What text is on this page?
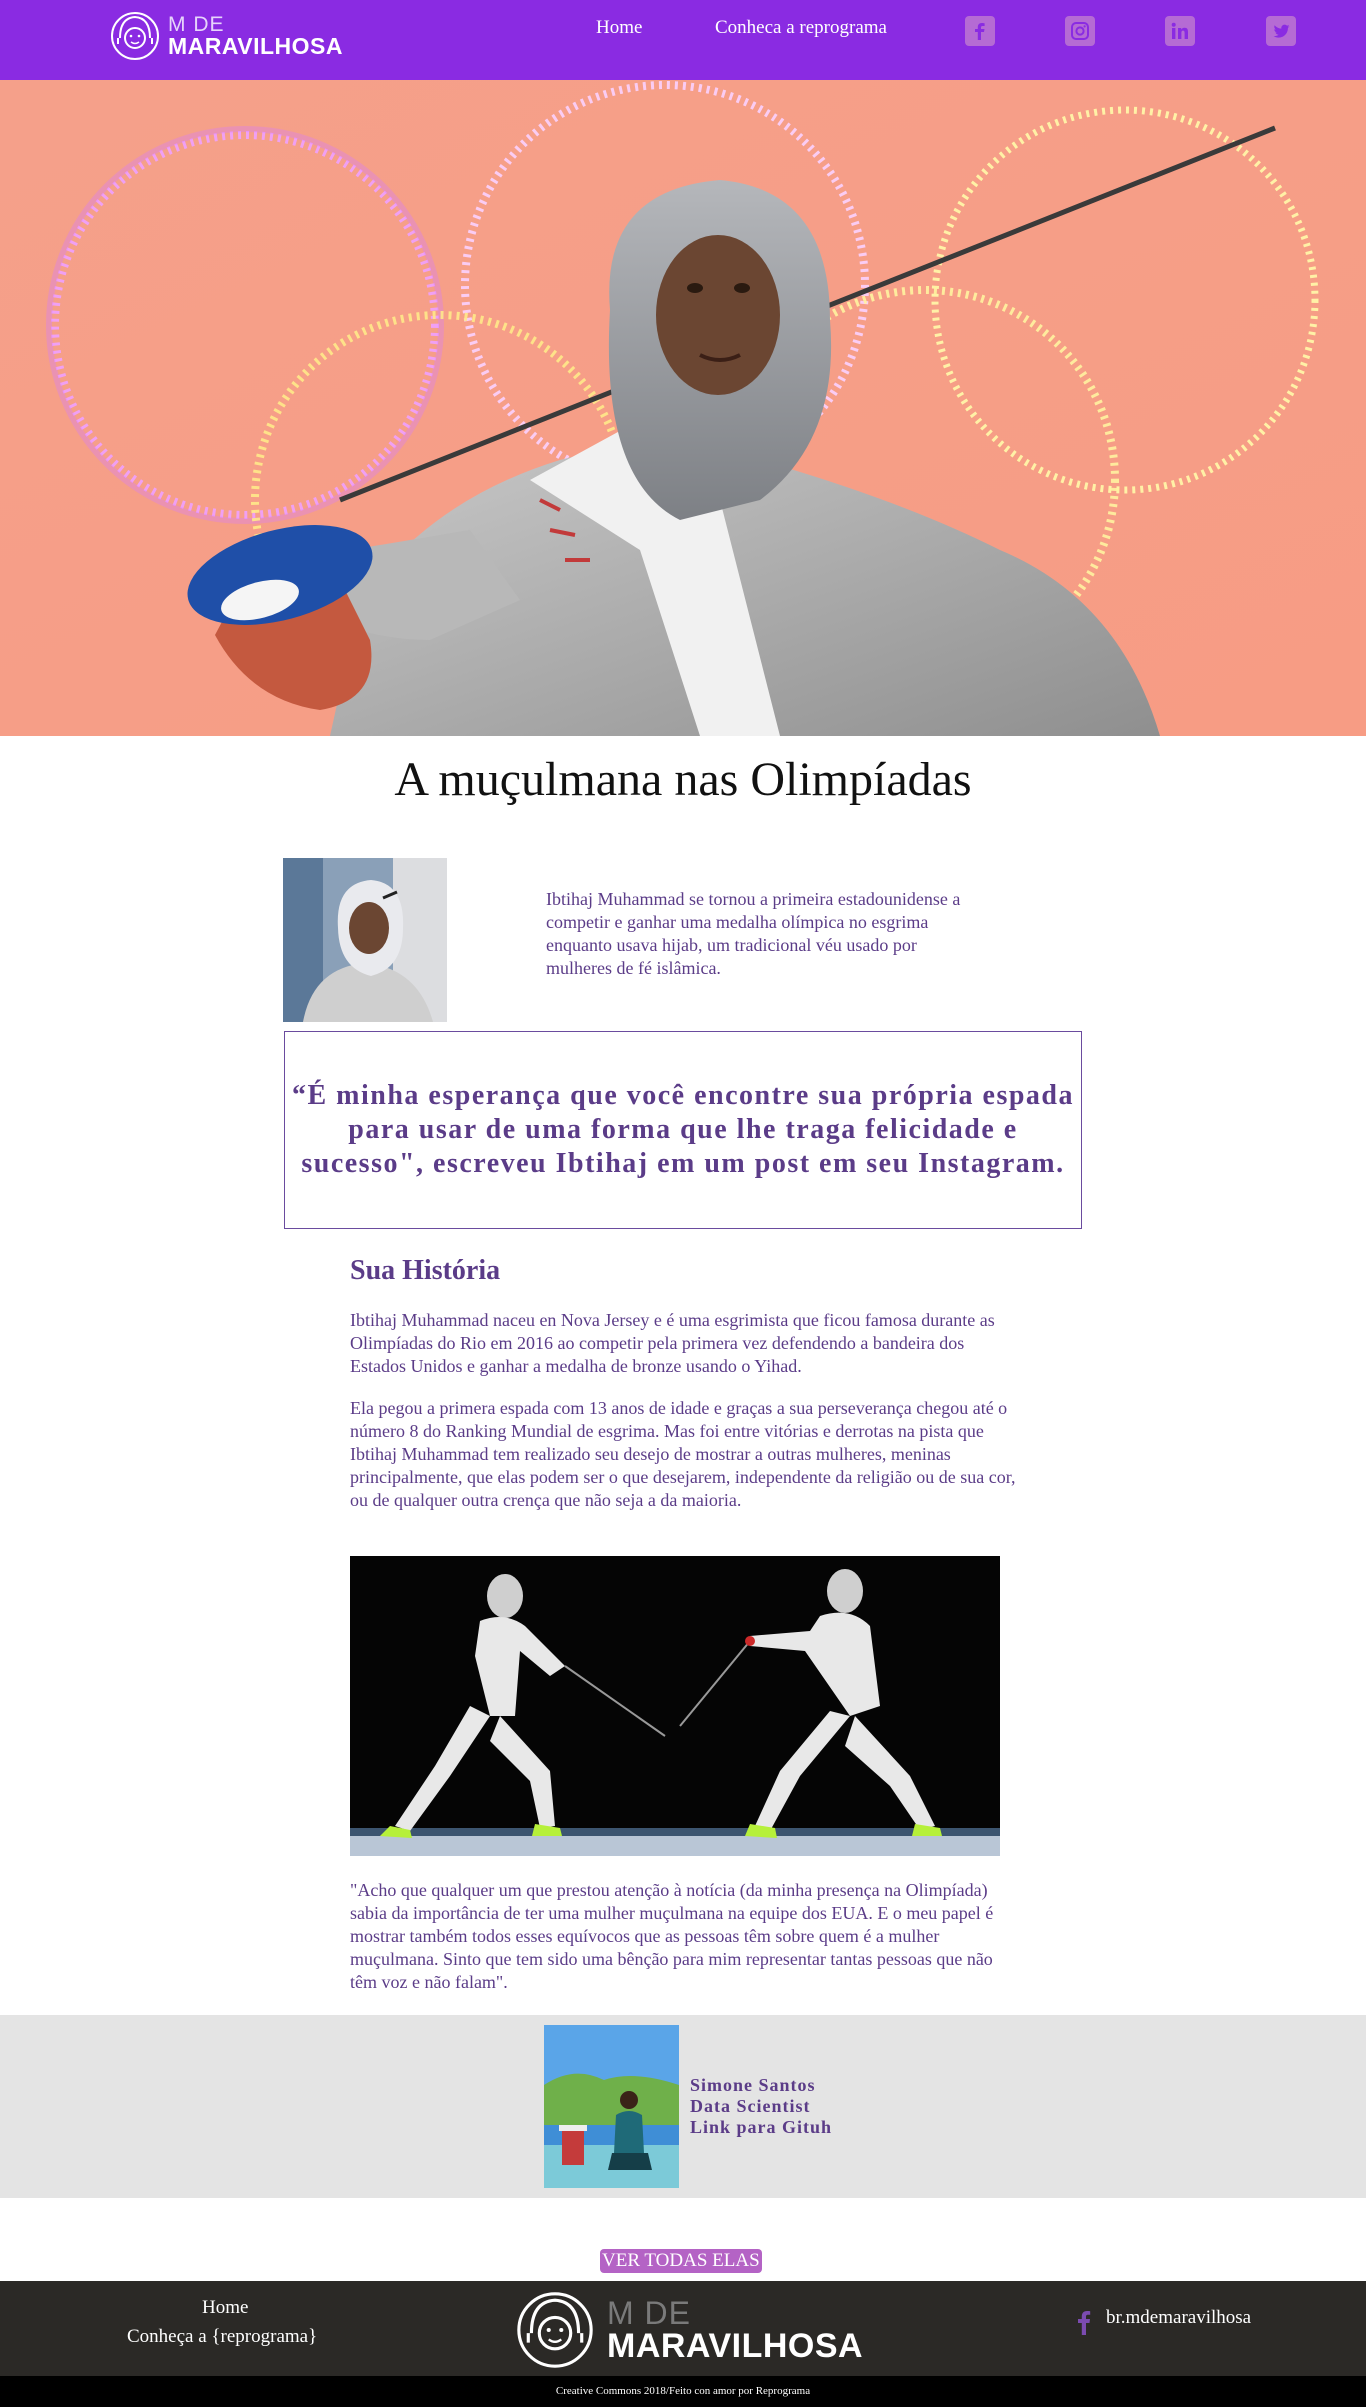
M DE
MARAVILHOSA
Home	Conheca a reprograma
A muçulmana nas Olimpíadas

Ibtihaj Muhammad se tornou a primeira estadounidense a competir e ganhar uma medalha olímpica no esgrima enquanto usava hijab, um tradicional véu usado por mulheres de fé islâmica.

“É minha esperança que você encontre sua própria espada para usar de uma forma que lhe traga felicidade e sucesso", escreveu Ibtihaj em um post em seu Instagram.

Sua História

Ibtihaj Muhammad naceu en Nova Jersey e é uma esgrimista que ficou famosa durante as Olimpíadas do Rio em 2016 ao competir pela primera vez defendendo a bandeira dos Estados Unidos e ganhar a medalha de bronze usando o Yihad.

Ela pegou a primera espada com 13 anos de idade e graças a sua perseverança chegou até o número 8 do Ranking Mundial de esgrima. Mas foi entre vitórias e derrotas na pista que Ibtihaj Muhammad tem realizado seu desejo de mostrar a outras mulheres, meninas principalmente, que elas podem ser o que desejarem, independente da religião ou de sua cor, ou de qualquer outra crença que não seja a da maioria.

"Acho que qualquer um que prestou atenção à notícia (da minha presença na Olimpíada) sabia da importância de ter uma mulher muçulmana na equipe dos EUA. E o meu papel é mostrar também todos esses equívocos que as pessoas têm sobre quem é a mulher muçulmana. Sinto que tem sido uma bênção para mim representar tantas pessoas que não têm voz e não falam".

Simone Santos
Data Scientist
Link para Gituh
VER TODAS ELAS
Home
Conheça a {reprograma}
M DE
MARAVILHOSA
br.mdemaravilhosa
Creative Commons 2018/Feito con amor por Reprograma
